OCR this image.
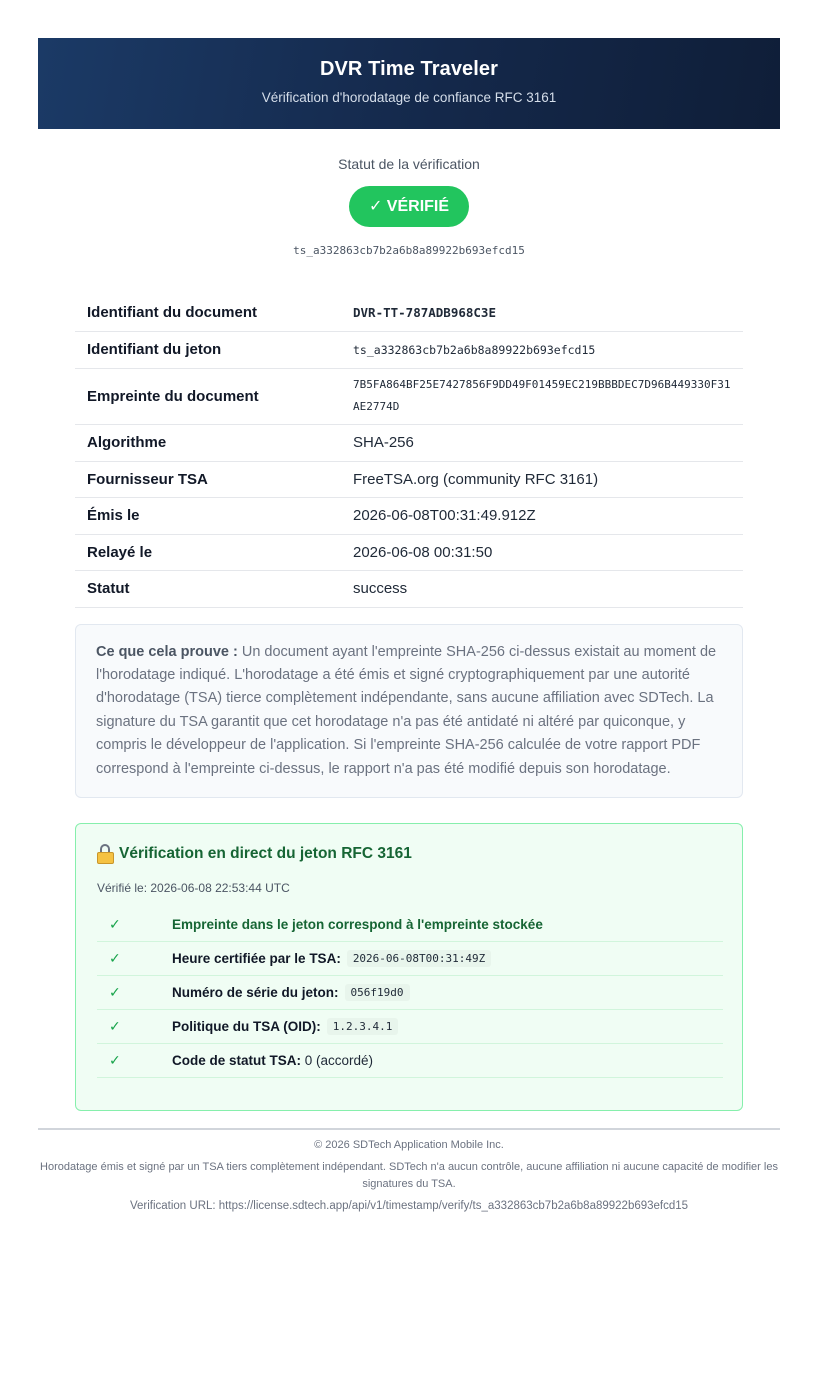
DVR Time Traveler
Vérification d'horodatage de confiance RFC 3161
Statut de la vérification
✓ VÉRIFIÉ
ts_a332863cb7b2a6b8a89922b693efcd15
Identifiant du document	DVR-TT-787ADB968C3E
Identifiant du jeton	ts_a332863cb7b2a6b8a89922b693efcd15
Empreinte du document	7B5FA864BF25E7427856F9DD49F01459EC219BBBDEC7D96B449330F31AE2774D
Algorithme	SHA-256
Fournisseur TSA	FreeTSA.org (community RFC 3161)
Émis le	2026-06-08T00:31:49.912Z
Relayé le	2026-06-08 00:31:50
Statut	success
Ce que cela prouve : Un document ayant l'empreinte SHA-256 ci-dessus existait au moment de l'horodatage indiqué. L'horodatage a été émis et signé cryptographiquement par une autorité d'horodatage (TSA) tierce complètement indépendante, sans aucune affiliation avec SDTech. La signature du TSA garantit que cet horodatage n'a pas été antidaté ni altéré par quiconque, y compris le développeur de l'application. Si l'empreinte SHA-256 calculée de votre rapport PDF correspond à l'empreinte ci-dessus, le rapport n'a pas été modifié depuis son horodatage.
Vérification en direct du jeton RFC 3161
Vérifié le: 2026-06-08 22:53:44 UTC
✓	Empreinte dans le jeton correspond à l'empreinte stockée
✓	Heure certifiée par le TSA:	2026-06-08T00:31:49Z
✓	Numéro de série du jeton:	056f19d0
✓	Politique du TSA (OID):	1.2.3.4.1
✓	Code de statut TSA: 0 (accordé)
© 2026 SDTech Application Mobile Inc.
Horodatage émis et signé par un TSA tiers complètement indépendant. SDTech n'a aucun contrôle, aucune affiliation ni aucune capacité de modifier les signatures du TSA.
Verification URL: https://license.sdtech.app/api/v1/timestamp/verify/ts_a332863cb7b2a6b8a89922b693efcd15
